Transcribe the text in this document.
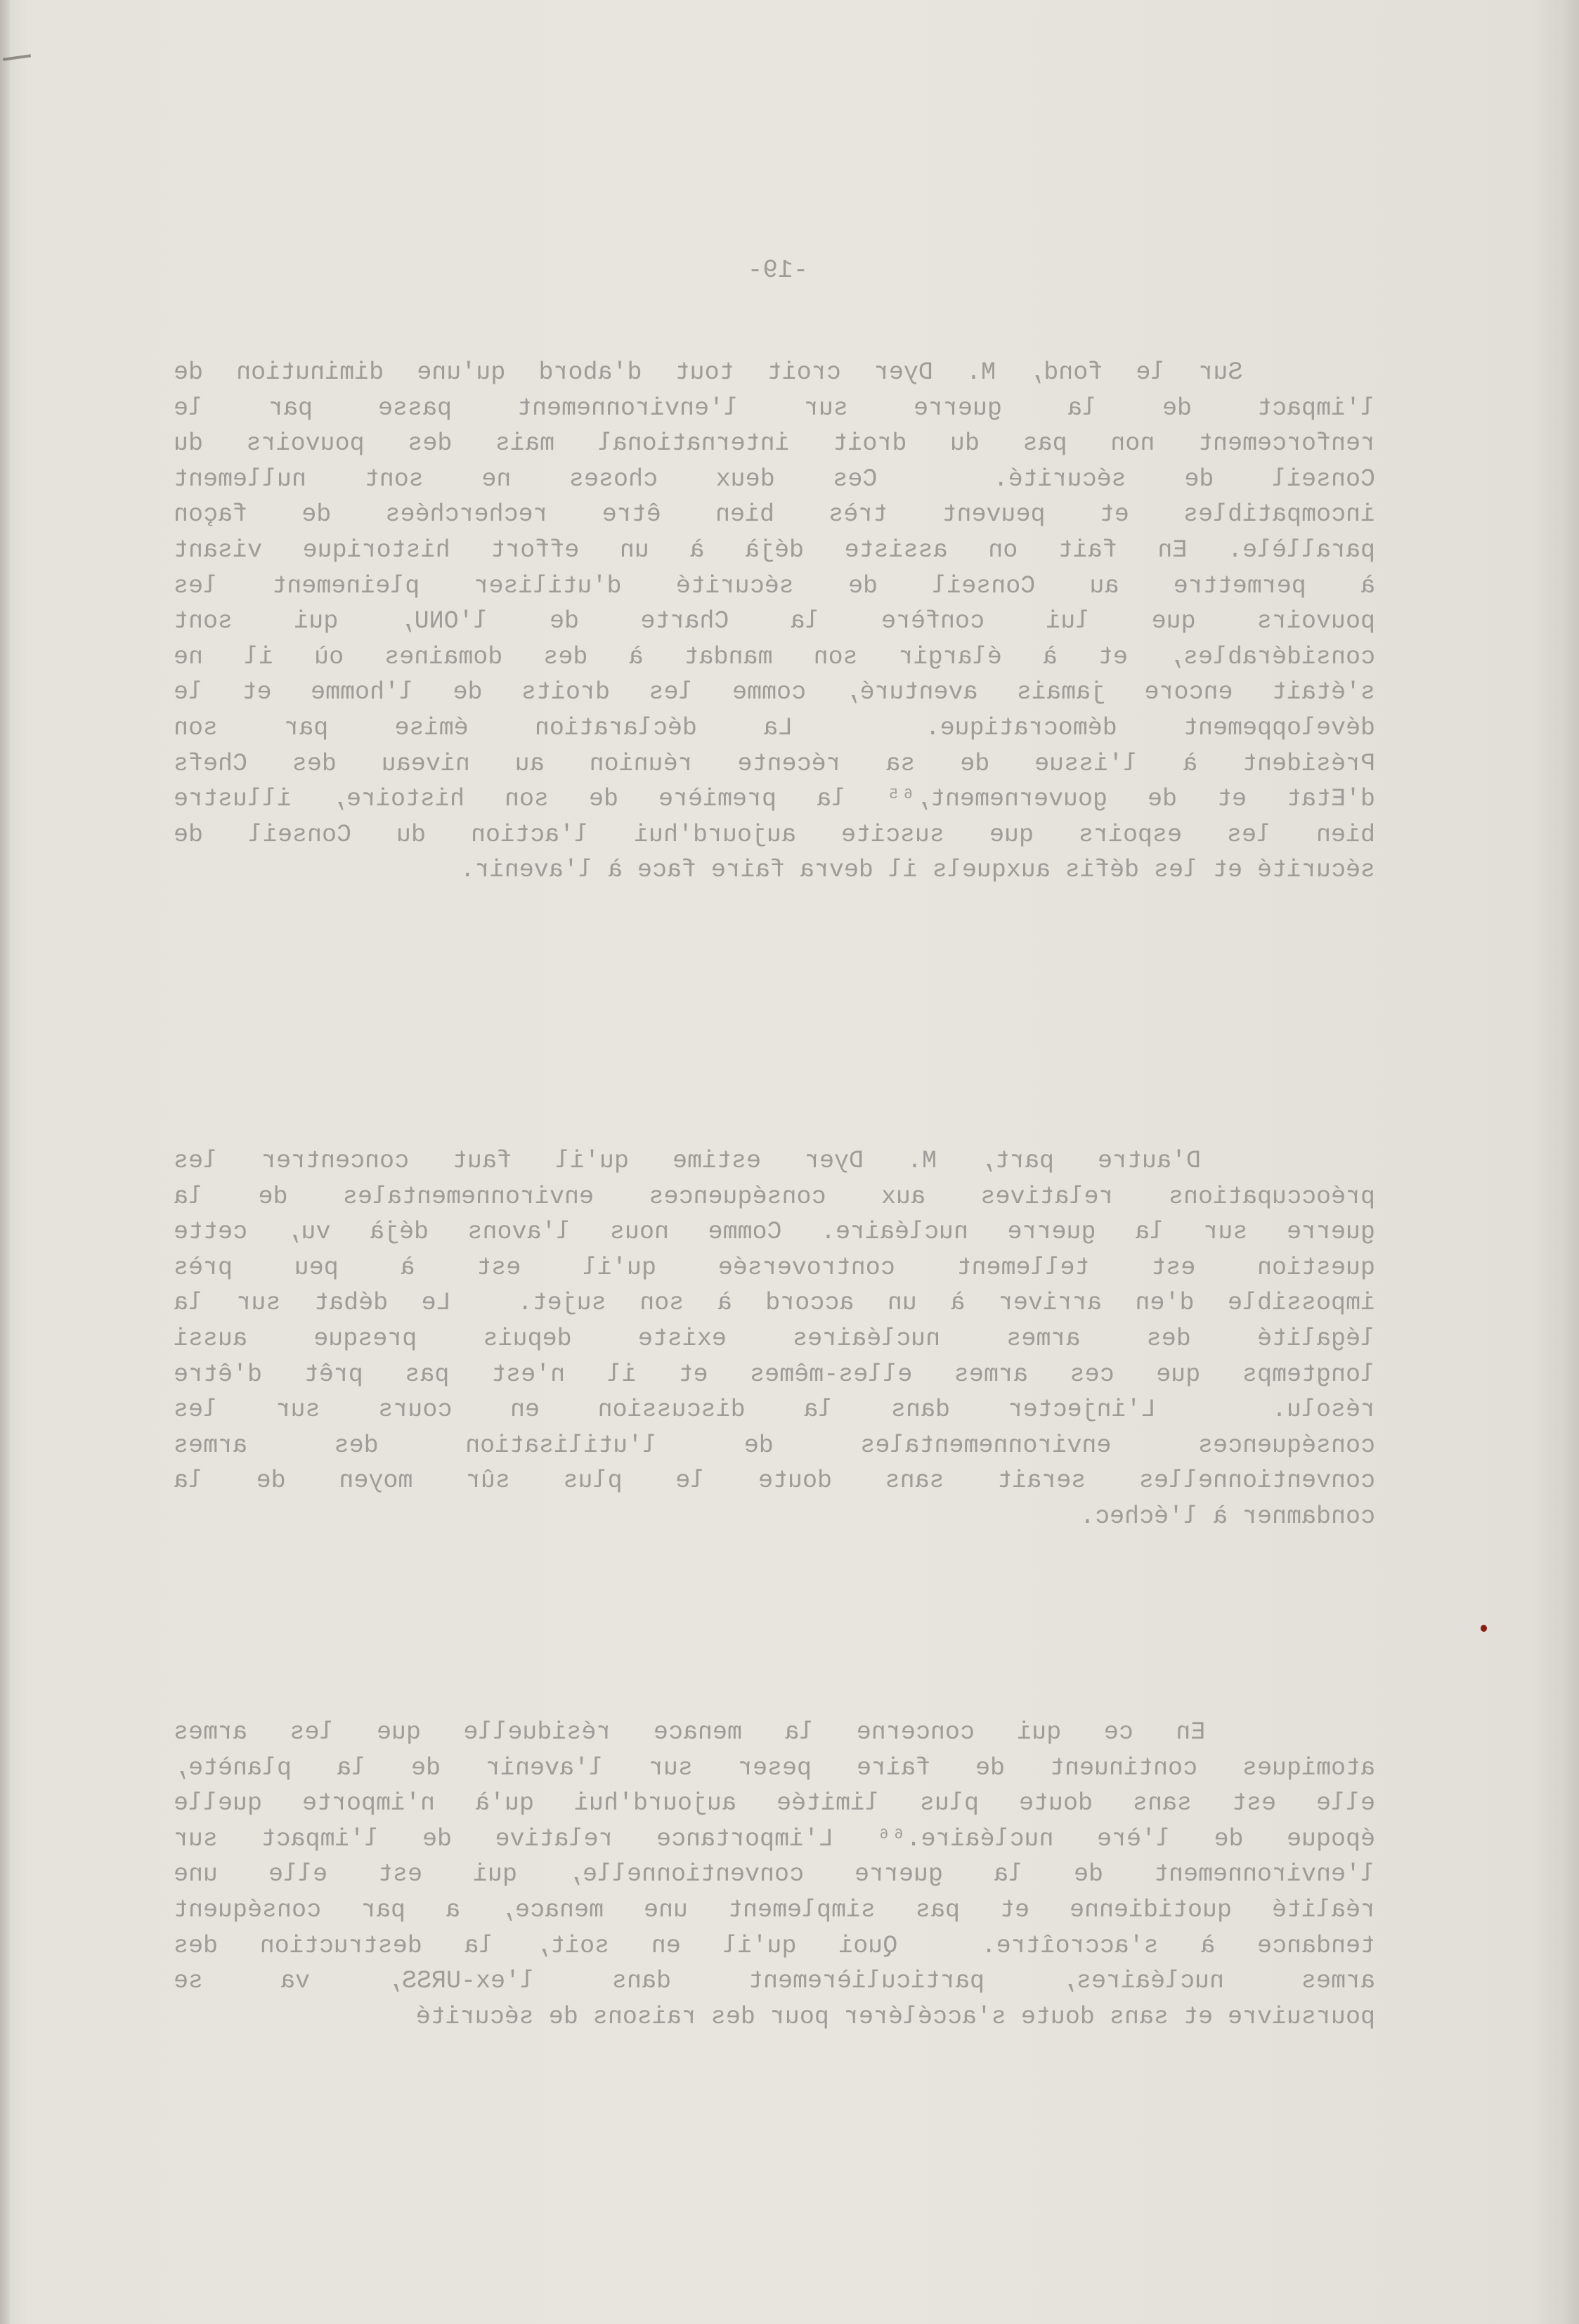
-19-
Sur le fond, M. Dyer croit tout d'abord qu'une diminution de
l'impact de la guerre sur l'environnement passe par le
renforcement non pas du droit international mais des pouvoirs du
Conseil de sécurité.  Ces deux choses ne sont nullement
incompatibles et peuvent très bien être recherchées de façon
parallèle. En fait on assiste déjà à un effort historique visant
à permettre au Conseil de sécurité d'utiliser pleinement les
pouvoirs que lui confère la Charte de l'ONU, qui sont
considérables, et à élargir son mandat à des domaines où il ne
s'était encore jamais aventuré, comme les droits de l'homme et le
développement démocratique.  La déclaration émise par son
Président à l'issue de sa récente réunion au niveau des Chefs
d'Etat et de gouvernement,⁶⁵ la première de son histoire, illustre
bien les espoirs que suscite aujourd'hui l'action du Conseil de
sécurité et les défis auxquels il devra faire face à l'avenir.
D'autre part, M. Dyer estime qu'il faut concentrer les
préoccupations relatives aux conséquences environnementales de la
guerre sur la guerre nucléaire. Comme nous l'avons déjà vu, cette
question est tellement controversée qu'il est à peu près
impossible d'en arriver à un accord à son sujet.  Le débat sur la
légalité des armes nucléaires existe depuis presque aussi
longtemps que ces armes elles-mêmes et il n'est pas prêt d'être
résolu.  L'injecter dans la discussion en cours sur les
conséquences environnementales de l'utilisation des armes
conventionnelles serait sans doute le plus sûr moyen de la
condamner à l'échec.
En ce qui concerne la menace résiduelle que les armes
atomiques continuent de faire peser sur l'avenir de la planète,
elle est sans doute plus limitée aujourd'hui qu'à n'importe quelle
époque de l'ère nucléaire.⁶⁶ L'importance relative de l'impact sur
l'environnement de la guerre conventionnelle, qui est elle une
réalité quotidienne et pas simplement une menace, a par conséquent
tendance à s'accroître.  Quoi qu'il en soit, la destruction des
armes nucléaires, particulièrement dans l'ex-URSS, va se
poursuivre et sans doute s'accélérer pour des raisons de sécurité
